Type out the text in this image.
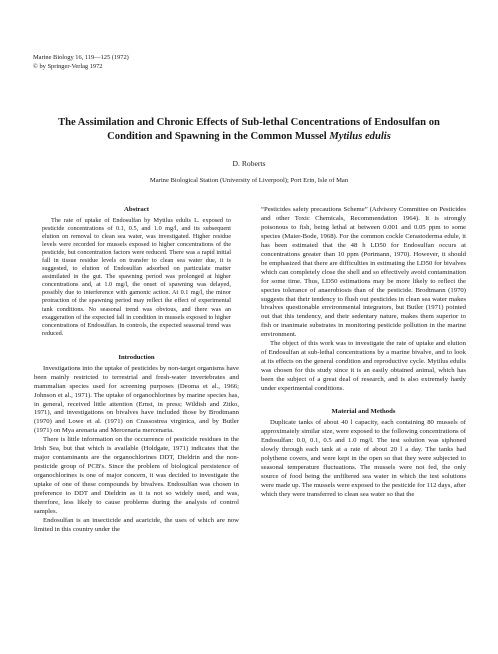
Marine Biology 16, 119—125 (1972)
© by Springer-Verlag 1972
The Assimilation and Chronic Effects of Sub-lethal Concentrations of Endosulfan on
Condition and Spawning in the Common Mussel Mytilus edulis
D. Roberts
Marine Biological Station (University of Liverpool); Port Erin, Isle of Man
Abstract

The rate of uptake of Endosulfan by Mytilus edulis L. exposed to pesticide concentrations of 0.1, 0.5, and 1.0 mg/l, and its subsequent elution on removal to clean sea water, was investigated. Higher residue levels were recorded for mussels exposed to higher concentrations of the pesticide, but concentration factors were reduced. There was a rapid initial fall in tissue residue levels on transfer to clean sea water due, it is suggested, to elution of Endosulfan adsorbed on particulate matter assimilated in the gut. The spawning period was prolonged at higher concentrations and, at 1.0 mg/l, the onset of spawning was delayed, possibly due to interference with gamonic action. At 0.1 mg/l, the minor protraction of the spawning period may reflect the effect of experimental tank conditions. No seasonal trend was obvious, and there was an exaggeration of the expected fall in condition in mussels exposed to higher concentrations of Endosulfan. In controls, the expected seasonal trend was reduced.

Introduction

Investigations into the uptake of pesticides by non-target organisms have been mainly restricted to terrestrial and fresh-water invertebrates and mammalian species used for screening purposes (Deoma et al., 1966; Johnson et al., 1971). The uptake of organochlorines by marine species has, in general, received little attention (Ernst, in press; Wildish and Zitko, 1971), and investigations on bivalves have included those by Brodtmann (1970) and Lowe et al. (1971) on Crassostrea virginica, and by Butler (1971) on Mya arenaria and Mercenaria mercenaria.

There is little information on the occurrence of pesticide residues in the Irish Sea, but that which is available (Holdgate, 1971) indicates that the major contaminants are the organochlorines DDT, Dieldrin and the non-pesticide group of PCB's. Since the problem of biological persistence of organochlorines is one of major concern, it was decided to investigate the uptake of one of these compounds by bivalves. Endosulfan was chosen in preference to DDT and Dieldrin as it is not so widely used, and was, therefore, less likely to cause problems during the analysis of control samples.

Endosulfan is an insecticide and acaricide, the uses of which are now limited in this country under the

“Pesticides safety precautions Scheme” (Advisory Committee on Pesticides and other Toxic Chemicals, Recommendation 1964). It is strongly poisonous to fish, being lethal at between 0.001 and 0.05 ppm to some species (Maier-Bode, 1968). For the common cockle Cerastoderma edule, it has been estimated that the 48 h LD50 for Endosulfan occurs at concentrations greater than 10 ppm (Portmann, 1970). However, it should be emphasized that there are difficulties in estimating the LD50 for bivalves which can completely close the shell and so effectively avoid contamination for some time. Thus, LD50 estimations may be more likely to reflect the species tolerance of anaerobiosis than of the pesticide. Brodtmann (1970) suggests that their tendency to flush out pesticides in clean sea water makes bivalves questionable environmental integrators, but Butler (1971) pointed out that this tendency, and their sedentary nature, makes them superior to fish or inanimate substrates in monitoring pesticide pollution in the marine environment.

The object of this work was to investigate the rate of uptake and elution of Endosulfan at sub-lethal concentrations by a marine bivalve, and to look at its effects on the general condition and reproductive cycle. Mytilus edulis was chosen for this study since it is an easily obtained animal, which has been the subject of a great deal of research, and is also extremely hardy under experimental conditions.

Material and Methods

Duplicate tanks of about 40 l capacity, each containing 80 mussels of approximately similar size, were exposed to the following concentrations of Endosulfan: 0.0, 0.1, 0.5 and 1.0 mg/l. The test solution was siphoned slowly through each tank at a rate of about 20 l a day. The tanks had polythene covers, and were kept in the open so that they were subjected to seasonal temperature fluctuations. The mussels were not fed, the only source of food being the unfiltered sea water in which the test solutions were made up. The mussels were exposed to the pesticide for 112 days, after which they were transferred to clean sea water so that the
